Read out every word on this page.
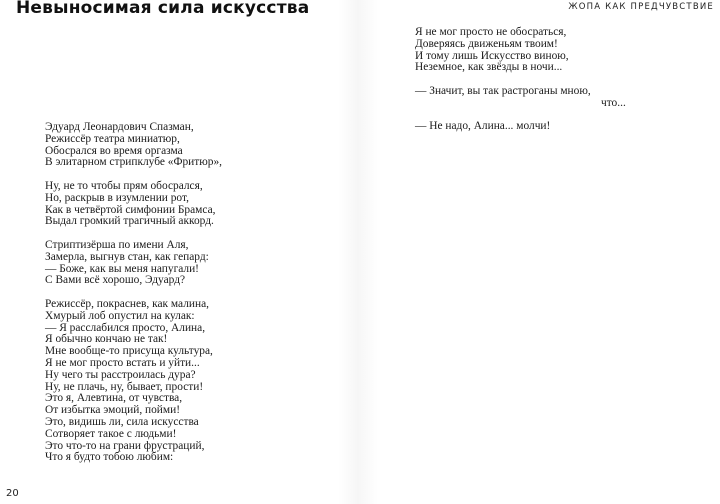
Невыносимая сила искусства	ЖОПА КАК ПРЕДЧУВСТВИЕ
Эдуард Леонардович Спазман,
Режиссёр театра миниатюр,
Обосрался во время оргазма
В элитарном стрипклубе «Фритюр»,
Ну, не то чтобы прям обосрался,
Но, раскрыв в изумлении рот,
Как в четвёртой симфонии Брамса,
Выдал громкий трагичный аккорд.
Стриптизёрша по имени Аля,
Замерла, выгнув стан, как гепард:
— Боже, как вы меня напугали!
С Вами всё хорошо, Эдуард?
Режиссёр, покраснев, как малина,
Хмурый лоб опустил на кулак:
— Я расслабился просто, Алина,
Я обычно кончаю не так!
Мне вообще-то присуща культура,
Я не мог просто встать и уйти...
Ну чего ты расстроилась дура?
Ну, не плачь, ну, бывает, прости!
Это я, Алевтина, от чувства,
От избытка эмоций, пойми!
Это, видишь ли, сила искусства
Сотворяет такое с людьми!
Это что-то на грани фрустраций,
Что я будто тобою любим:
Я не мог просто не обосраться,
Доверяясь движеньям твоим!
И тому лишь Искусство виною,
Неземное, как звёзды в ночи...
— Значит, вы так растроганы мною,
что...
— Не надо, Алина... молчи!
20
